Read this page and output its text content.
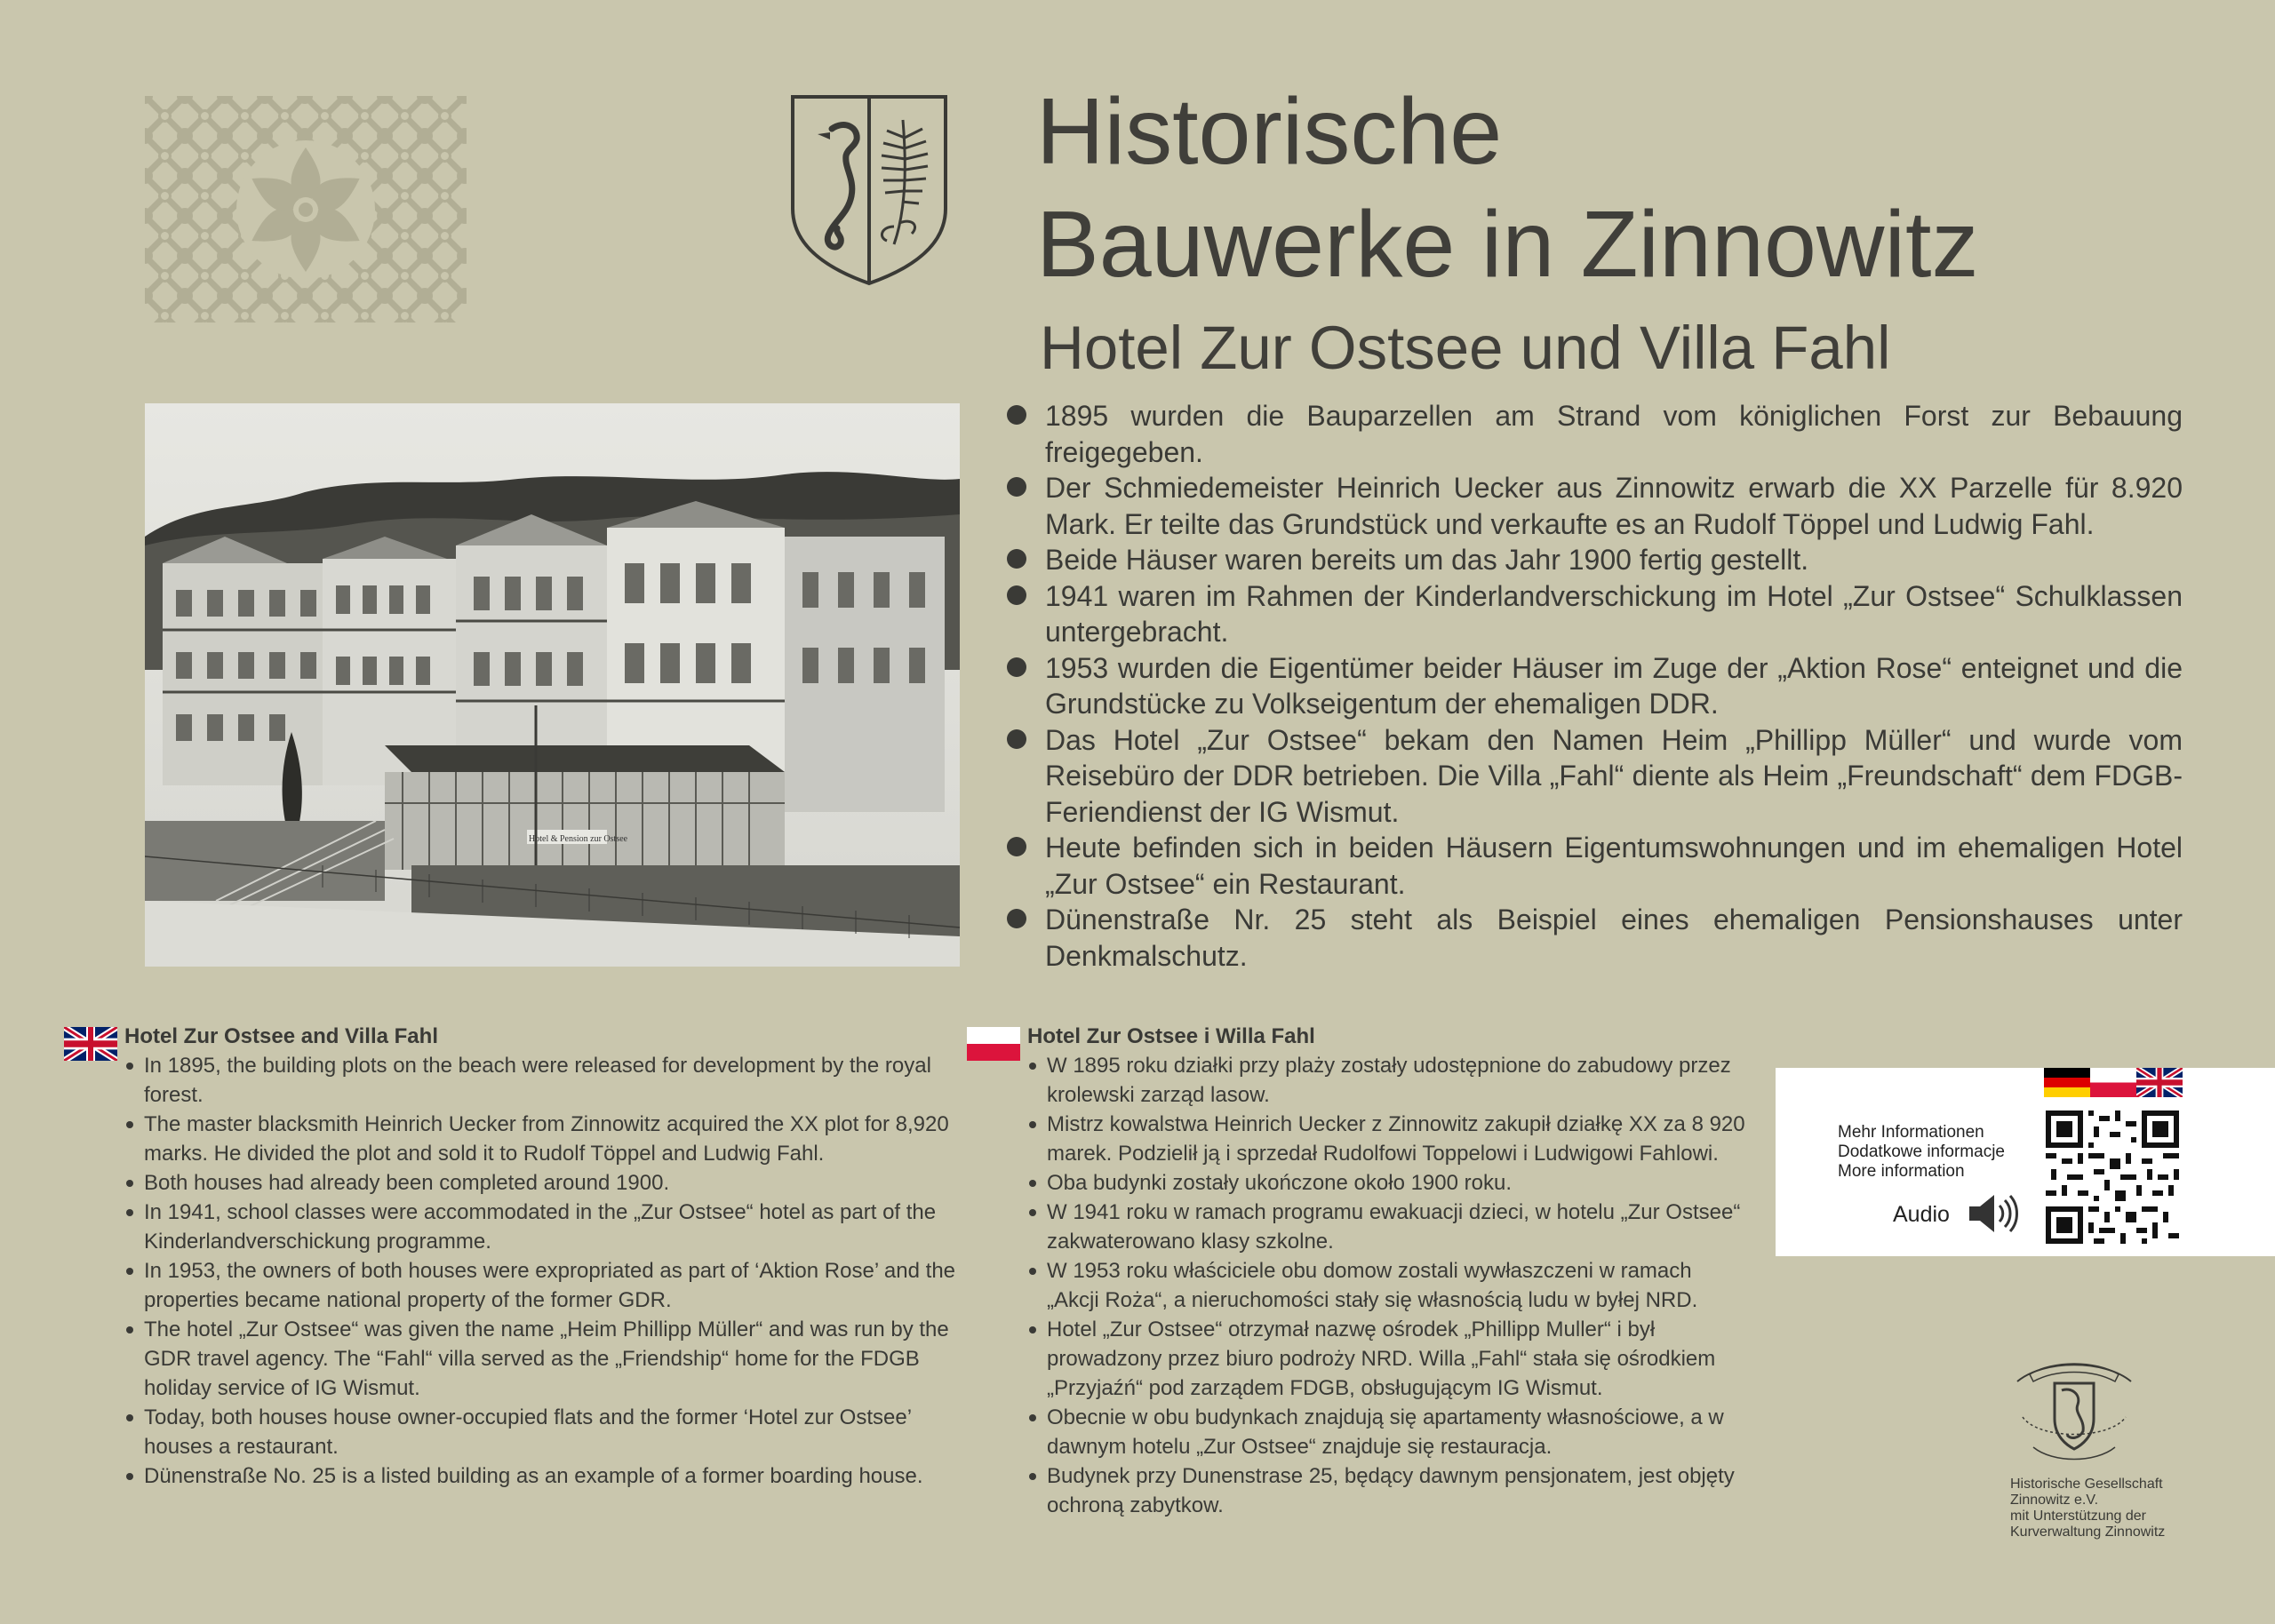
Historische
Bauwerke in Zinnowitz
Hotel Zur Ostsee und Villa Fahl
Hotel & Pension zur Ostsee
1895 wurden die Bauparzellen am Strand vom königlichen Forst zur Bebauung freigegeben.
Der Schmiedemeister Heinrich Uecker aus Zinnowitz erwarb die XX Parzelle für 8.920 Mark. Er teilte das Grundstück und verkaufte es an Rudolf Töppel und Ludwig Fahl.
Beide Häuser waren bereits um das Jahr 1900 fertig gestellt.
1941 waren im Rahmen der Kinderlandverschickung im Hotel „Zur Ostsee“ Schulklassen untergebracht.
1953 wurden die Eigentümer beider Häuser im Zuge der „Aktion Rose“ enteignet und die Grundstücke zu Volkseigentum der ehemaligen DDR.
Das Hotel „Zur Ostsee“ bekam den Namen Heim „Phillipp Müller“ und wurde vom Reisebüro der DDR betrieben. Die Villa „Fahl“ diente als Heim „Freundschaft“ dem FDGB-Feriendienst der IG Wismut.
Heute befinden sich in beiden Häusern Eigentumswohnungen und im ehemaligen Hotel „Zur Ostsee“ ein Restaurant.
Dünenstraße Nr. 25 steht als Beispiel eines ehemaligen Pensionshauses unter Denkmalschutz.
Hotel Zur Ostsee and Villa Fahl
In 1895, the building plots on the beach were released for development by the royal forest.
The master blacksmith Heinrich Uecker from Zinnowitz acquired the XX plot for 8,920 marks. He divided the plot and sold it to Rudolf Töppel and Ludwig Fahl.
Both houses had already been completed around 1900.
In 1941, school classes were accommodated in the „Zur Ostsee“ hotel as part of the Kinderlandverschickung programme.
In 1953, the owners of both houses were expropriated as part of ‘Aktion Rose’ and the properties became national property of the former GDR.
The hotel „Zur Ostsee“ was given the name „Heim Phillipp Müller“ and was run by the GDR travel agency. The “Fahl“ villa served as the „Friendship“ home for the FDGB holiday service of IG Wismut.
Today, both houses house owner-occupied flats and the former ‘Hotel zur Ostsee’ houses a restaurant.
Dünenstraße No. 25 is a listed building as an example of a former boarding house.
Hotel Zur Ostsee i Willa Fahl
W 1895 roku działki przy plaży zostały udostępnione do zabudowy przez krolewski zarząd lasow.
Mistrz kowalstwa Heinrich Uecker z Zinnowitz zakupił działkę XX za 8 920 marek. Podzielił ją i sprzedał Rudolfowi Toppelowi i Ludwigowi Fahlowi.
Oba budynki zostały ukończone około 1900 roku.
W 1941 roku w ramach programu ewakuacji dzieci, w hotelu „Zur Ostsee“ zakwaterowano klasy szkolne.
W 1953 roku właściciele obu domow zostali wywłaszczeni w ramach „Akcji Roża“, a nieruchomości stały się własnością ludu w byłej NRD.
Hotel „Zur Ostsee“ otrzymał nazwę ośrodek „Phillipp Muller“ i był prowadzony przez biuro podroży NRD. Willa „Fahl“ stała się ośrodkiem „Przyjaźń“ pod zarządem FDGB, obsługującym IG Wismut.
Obecnie w obu budynkach znajdują się apartamenty własnościowe, a w dawnym hotelu „Zur Ostsee“ znajduje się restauracja.
Budynek przy Dunenstrase 25, będący dawnym pensjonatem, jest objęty ochroną zabytkow.
Mehr Informationen
Dodatkowe informacje
More information
Audio
Historische Gesellschaft
Zinnowitz e.V.
mit Unterstützung der
Kurverwaltung Zinnowitz
